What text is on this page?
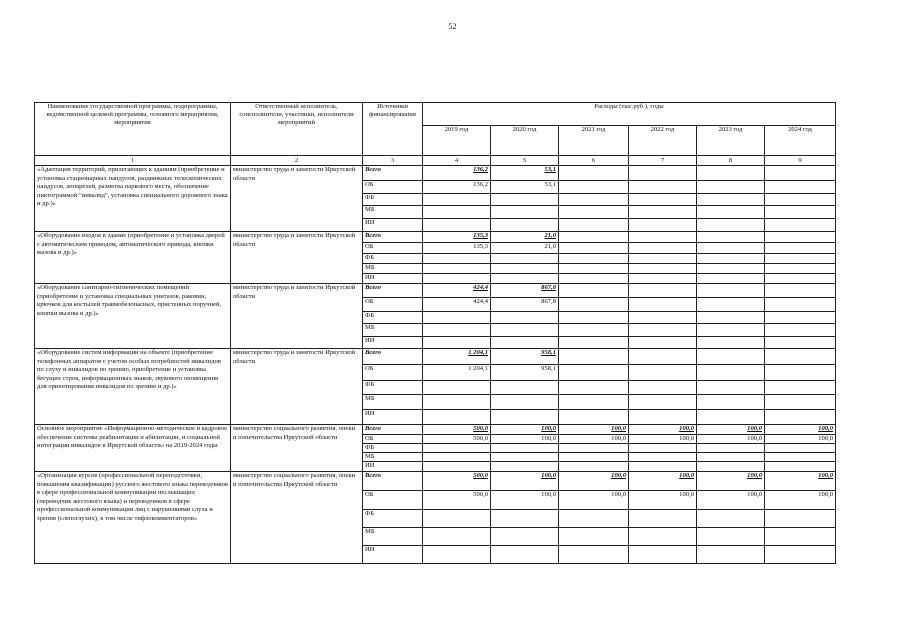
52
Наименование государственной программы, подпрограммы, ведомственной целевой программы, основного мероприятия, мероприятия	Ответственный исполнитель, соисполнители, участники, исполнители мероприятий	Источники финансирования	Расходы (тыс.руб.), годы					
			2019 год	2020 год	2021 год	2022 год	2023 год	2024 год
1	2	3	4	5	6	7	8	9
«Адаптация территорий, прилегающих к зданиям (приобретение и установка стационарных пандусов, раздвижных телескопических пандусов, аппарелей, разметка паркового места, обозначение пиктограммой "инвалид", установка специального дорожного знака и др.)»	министерство труда и занятости Иркутской области	Всего	136,2	53,1				
		ОБ	136,2	53,1				
		ФБ						
		МБ						
		ИИ						
«Оборудование входов в здание (приобретение и установка дверей с автоматическим приводом, автоматического привода, кнопки вызова и др.)»	министерство труда и занятости Иркутской области	Всего	135,3	21,0				
		ОБ	135,3	21,0				
		ФБ						
		МБ						
		ИИ						
«Оборудование санитарно-гигиенических помещений (приобретение и установка специальных унитазов, раковин, крючков для костылей травмобезопасных, пристенных поручней, кнопки вызова и др.)»	министерство труда и занятости Иркутской области	Всего	424,4	867,8				
		ОБ	424,4	867,8				
		ФБ						
		МБ						
		ИИ						
«Оборудование систем информации на объекте (приобретение телефонных аппаратов с учетом особых потребностей инвалидов по слуху и инвалидов по зрению, приобретение и установка бегущих строк, информационных знаков, звукового оповещения для ориентирования инвалидов по зрению и др.)»	министерство труда и занятости Иркутской области	Всего	1 204,1	958,1				
		ОБ	1 204,1	958,1				
		ФБ						
		МБ						
		ИИ						
Основное мероприятие «Информационно-методическое и кадровое обеспечение системы реабилитации и абилитации, и социальной интеграции инвалидов в Иркутской области» на 2019-2024 годы	министерство социального развития, опеки и попечительства Иркутской области	Всего	500,0	100,0	100,0	100,0	100,0	100,0
		ОБ	500,0	100,0	100,0	100,0	100,0	100,0
		ФБ						
		МБ						
		ИИ						
«Организация курсов (профессиональной переподготовки, повышения квалификации) русского жестового языка переводчиков в сфере профессиональной коммуникации неслышащих (переводчик жестового языка) и переводчиков в сфере профессиональной коммуникации лиц с нарушениями слуха и зрения (слепоглухих), в том числе тифлокомментаторов»	министерство социального развития, опеки и попечительства Иркутской области	Всего	500,0	100,0	100,0	100,0	100,0	100,0
		ОБ	500,0	100,0	100,0	100,0	100,0	100,0
		ФБ						
		МБ						
		ИИ						
